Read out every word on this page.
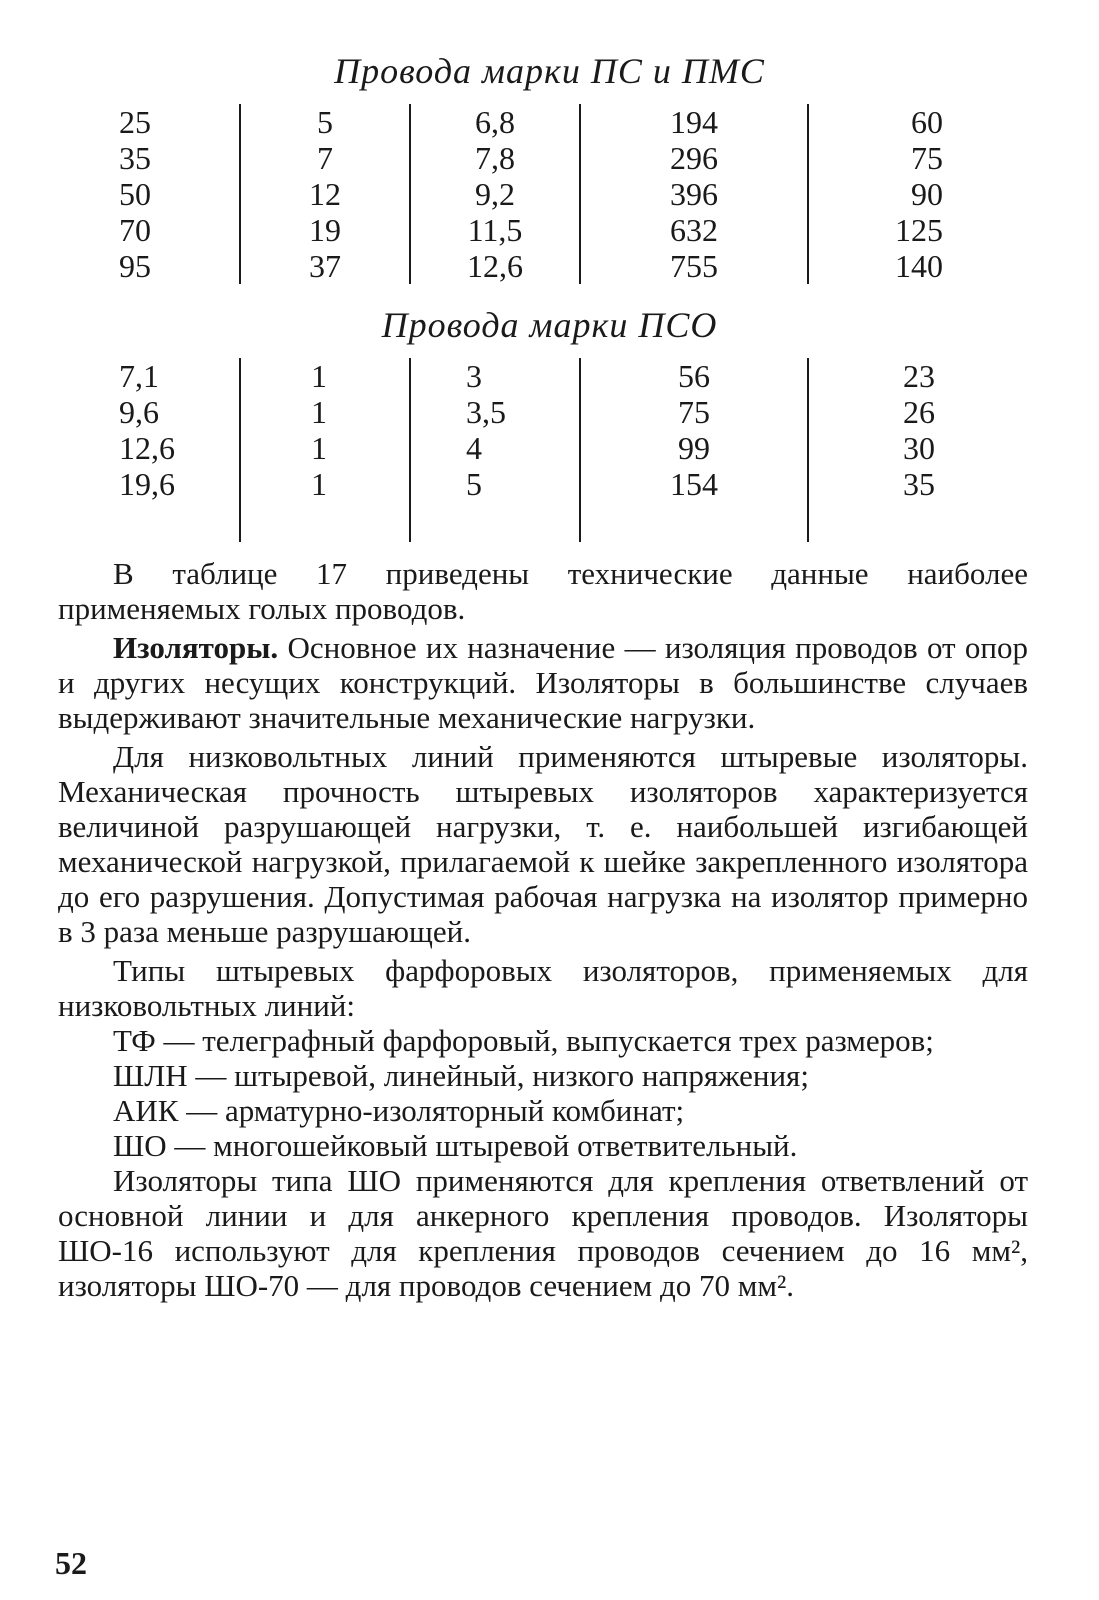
Провода марки ПС и ПМС
25	5	6,8	194	60
35	7	7,8	296	75
50	12	9,2	396	90
70	19	11,5	632	125
95	37	12,6	755	140
Провода марки ПСО
7,1	1	3	56	23
9,6	1	3,5	75	26
12,6	1	4	99	30
19,6	1	5	154	35

В таблице 17 приведены технические данные наиболее применяемых голых проводов.

Изоляторы. Основное их назначение — изоляция проводов от опор и других несущих конструкций. Изоляторы в большинстве случаев выдерживают значительные механические нагрузки.

Для низковольтных линий применяются штыревые изоляторы. Механическая прочность штыревых изоляторов характеризуется величиной разрушающей нагрузки, т. е. наибольшей изгибающей механической нагрузкой, прилагаемой к шейке закрепленного изолятора до его разрушения. Допустимая рабочая нагрузка на изолятор примерно в 3 раза меньше разрушающей.

Типы штыревых фарфоровых изоляторов, применяемых для низковольтных линий:

ТФ — телеграфный фарфоровый, выпускается трех размеров;

ШЛН — штыревой, линейный, низкого напряжения;

АИК — арматурно-изоляторный комбинат;

ШО — многошейковый штыревой ответвительный.

Изоляторы типа ШО применяются для крепления ответвлений от основной линии и для анкерного крепления проводов. Изоляторы ШО-16 используют для крепления проводов сечением до 16 мм², изоляторы ШО-70 — для проводов сечением до 70 мм².

52
